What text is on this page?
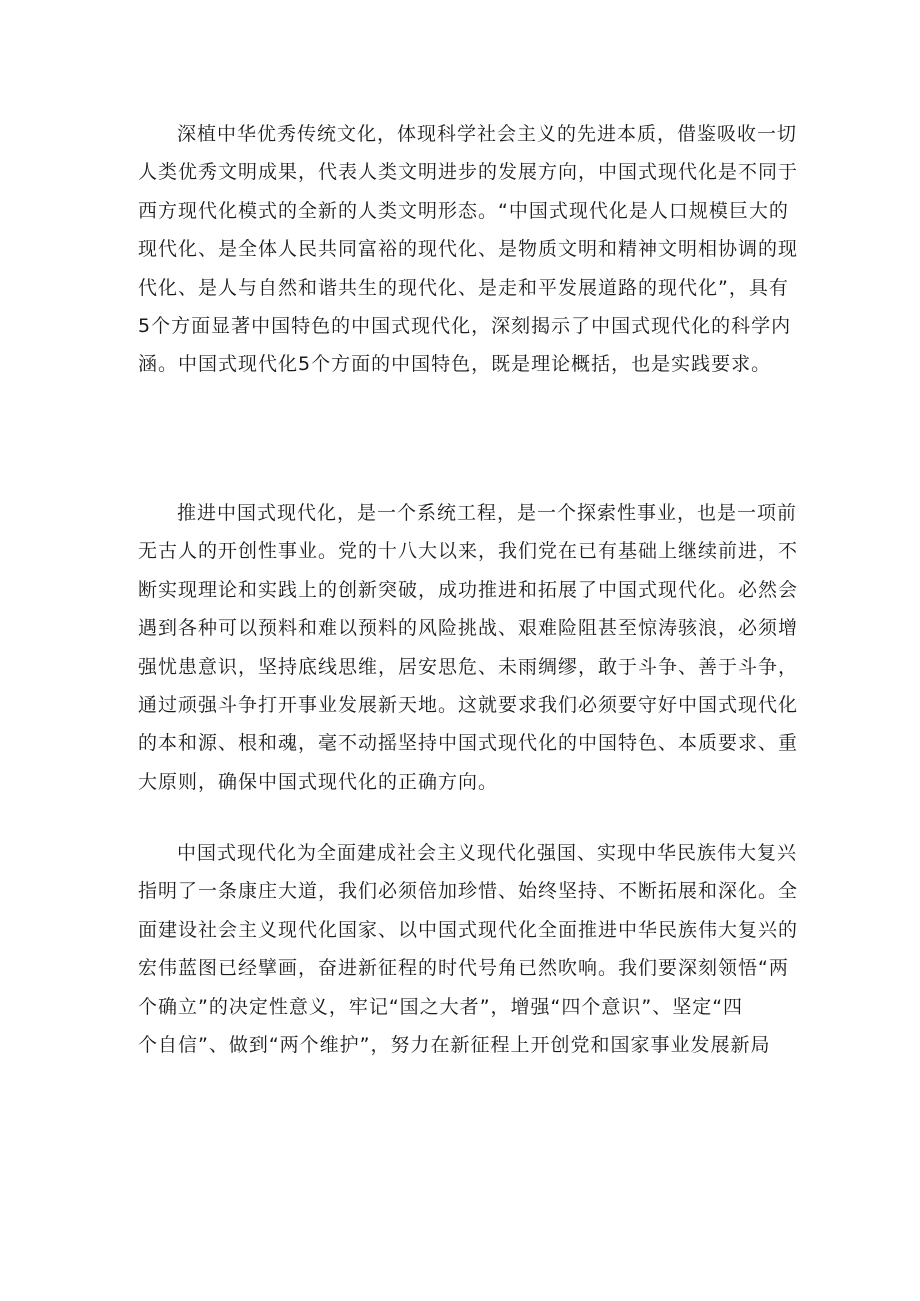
深植中华优秀传统文化，体现科学社会主义的先进本质，借鉴吸收一切
人类优秀文明成果，代表人类文明进步的发展方向，中国式现代化是不同于
西方现代化模式的全新的人类文明形态。“中国式现代化是人口规模巨大的
现代化、是全体人民共同富裕的现代化、是物质文明和精神文明相协调的现
代化、是人与自然和谐共生的现代化、是走和平发展道路的现代化”，具有
5个方面显著中国特色的中国式现代化，深刻揭示了中国式现代化的科学内
涵。中国式现代化5个方面的中国特色，既是理论概括，也是实践要求。
推进中国式现代化，是一个系统工程，是一个探索性事业，也是一项前
无古人的开创性事业。党的十八大以来，我们党在已有基础上继续前进，不
断实现理论和实践上的创新突破，成功推进和拓展了中国式现代化。必然会
遇到各种可以预料和难以预料的风险挑战、艰难险阻甚至惊涛骇浪，必须增
强忧患意识，坚持底线思维，居安思危、未雨绸缪，敢于斗争、善于斗争，
通过顽强斗争打开事业发展新天地。这就要求我们必须要守好中国式现代化
的本和源、根和魂，毫不动摇坚持中国式现代化的中国特色、本质要求、重
大原则，确保中国式现代化的正确方向。
中国式现代化为全面建成社会主义现代化强国、实现中华民族伟大复兴
指明了一条康庄大道，我们必须倍加珍惜、始终坚持、不断拓展和深化。全
面建设社会主义现代化国家、以中国式现代化全面推进中华民族伟大复兴的
宏伟蓝图已经擘画，奋进新征程的时代号角已然吹响。我们要深刻领悟“两
个确立”的决定性意义，牢记“国之大者”，增强“四个意识”、坚定“四
个自信”、做到“两个维护”，努力在新征程上开创党和国家事业发展新局
